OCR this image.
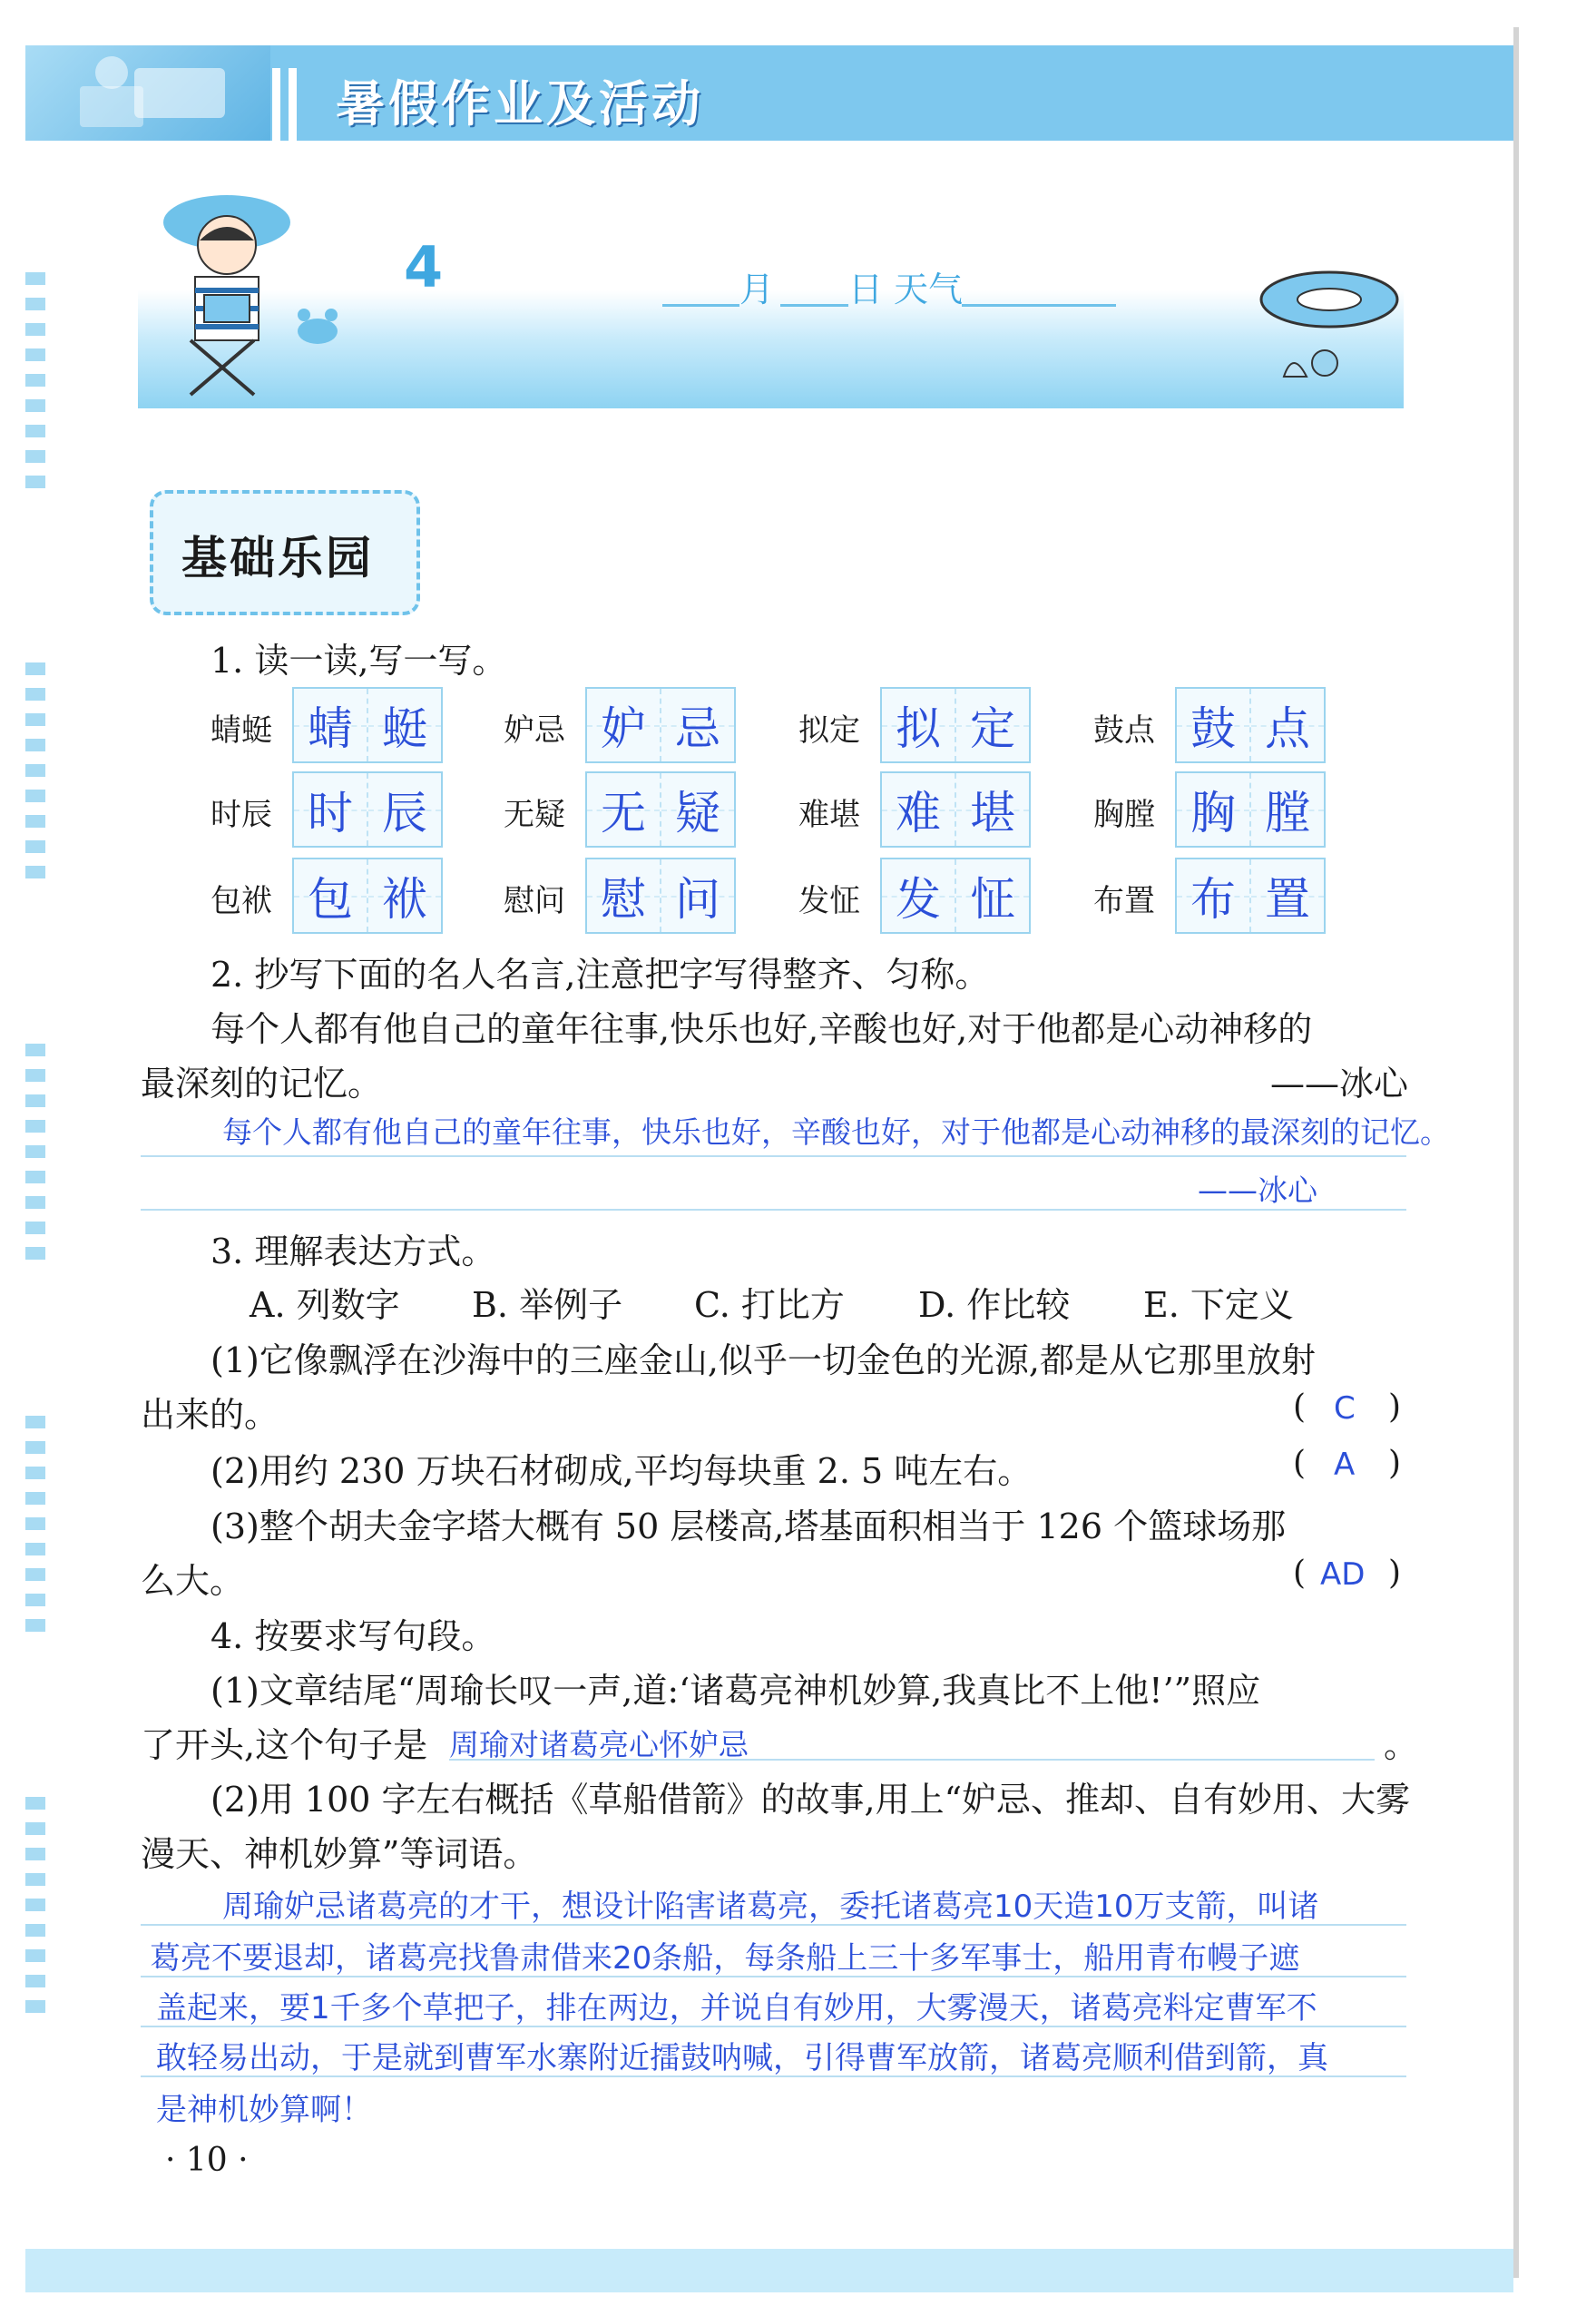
暑假作业及活动
4	月 日 天气
基础乐园
1. 读一读,写一写。
蜻蜓 蜻 蜓 妒忌 妒 忌	拟定 拟 定	鼓点 鼓 点
时辰 时 辰 无疑 无 疑	难堪 难 堪	胸膛 胸 膛
包袱 包 袱 慰问 慰 问	发怔 发 怔	布置 布 置
2. 抄写下面的名人名言,注意把字写得整齐、匀称。
每个人都有他自己的童年往事,快乐也好,辛酸也好,对于他都是心动神移的
最深刻的记忆。	——冰心
每个人都有他自己的童年往事，快乐也好，辛酸也好，对于他都是心动神移的最深刻的记忆。
——冰心
3. 理解表达方式。
A. 列数字 B. 举例子 C. 打比方 D. 作比较 E. 下定义
(1)它像飘浮在沙海中的三座金山,似乎一切金色的光源,都是从它那里放射
出来的。	( C )
(2)用约 230 万块石材砌成,平均每块重 2. 5 吨左右。	( A )
(3)整个胡夫金字塔大概有 50 层楼高,塔基面积相当于 126 个篮球场那
么大。	( AD )
4. 按要求写句段。
(1)文章结尾“周瑜长叹一声,道:‘诸葛亮神机妙算,我真比不上他!’”照应
了开头,这个句子是 周瑜对诸葛亮心怀妒忌	。
(2)用 100 字左右概括《草船借箭》的故事,用上“妒忌、推却、自有妙用、大雾
漫天、神机妙算”等词语。
周瑜妒忌诸葛亮的才干，想设计陷害诸葛亮，委托诸葛亮10天造10万支箭，叫诸
葛亮不要退却，诸葛亮找鲁肃借来20条船，每条船上三十多军事士，船用青布幔子遮
盖起来，要1千多个草把子，排在两边，并说自有妙用，大雾漫天，诸葛亮料定曹军不
敢轻易出动，于是就到曹军水寨附近擂鼓呐喊，引得曹军放箭，诸葛亮顺利借到箭，真
是神机妙算啊！
· 10 ·
